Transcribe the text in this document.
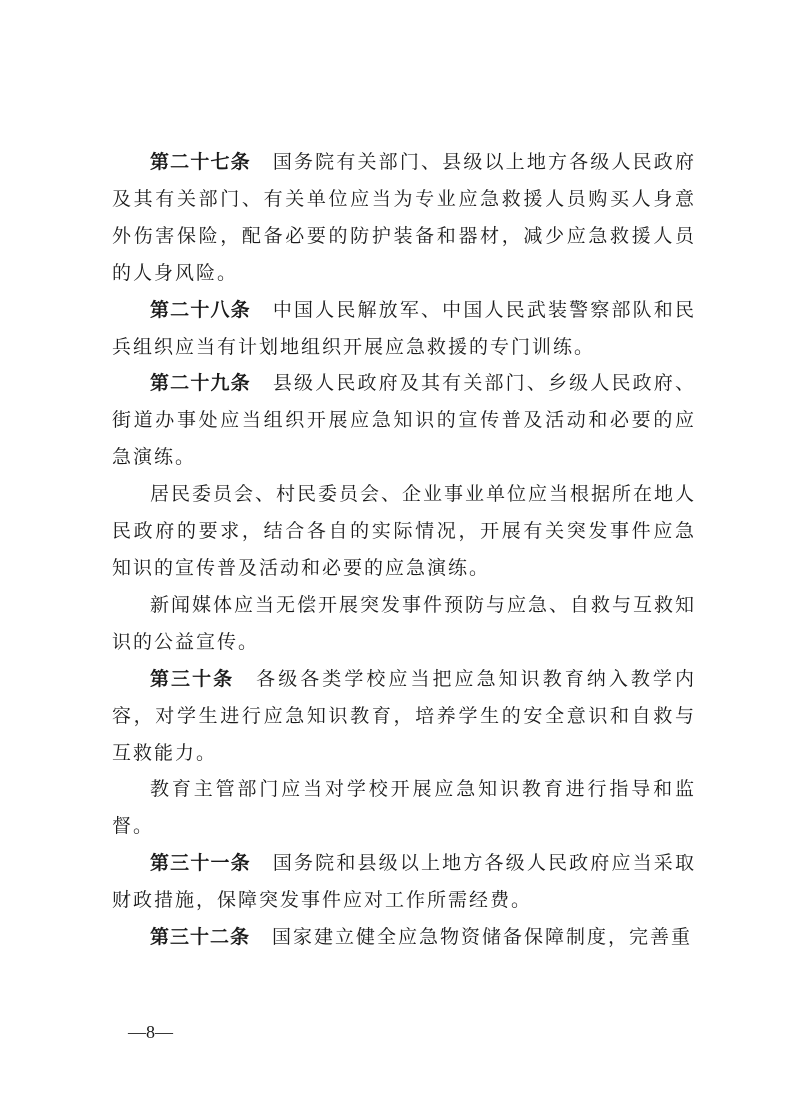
第二十七条 国务院有关部门、县级以上地方各级人民政府及其有关部门、有关单位应当为专业应急救援人员购买人身意外伤害保险，配备必要的防护装备和器材，减少应急救援人员的人身风险。

第二十八条 中国人民解放军、中国人民武装警察部队和民兵组织应当有计划地组织开展应急救援的专门训练。

第二十九条 县级人民政府及其有关部门、乡级人民政府、街道办事处应当组织开展应急知识的宣传普及活动和必要的应急演练。

居民委员会、村民委员会、企业事业单位应当根据所在地人民政府的要求，结合各自的实际情况，开展有关突发事件应急知识的宣传普及活动和必要的应急演练。

新闻媒体应当无偿开展突发事件预防与应急、自救与互救知识的公益宣传。

第三十条 各级各类学校应当把应急知识教育纳入教学内容，对学生进行应急知识教育，培养学生的安全意识和自救与互救能力。

教育主管部门应当对学校开展应急知识教育进行指导和监督。

第三十一条 国务院和县级以上地方各级人民政府应当采取财政措施，保障突发事件应对工作所需经费。

第三十二条 国家建立健全应急物资储备保障制度，完善重

—8—
